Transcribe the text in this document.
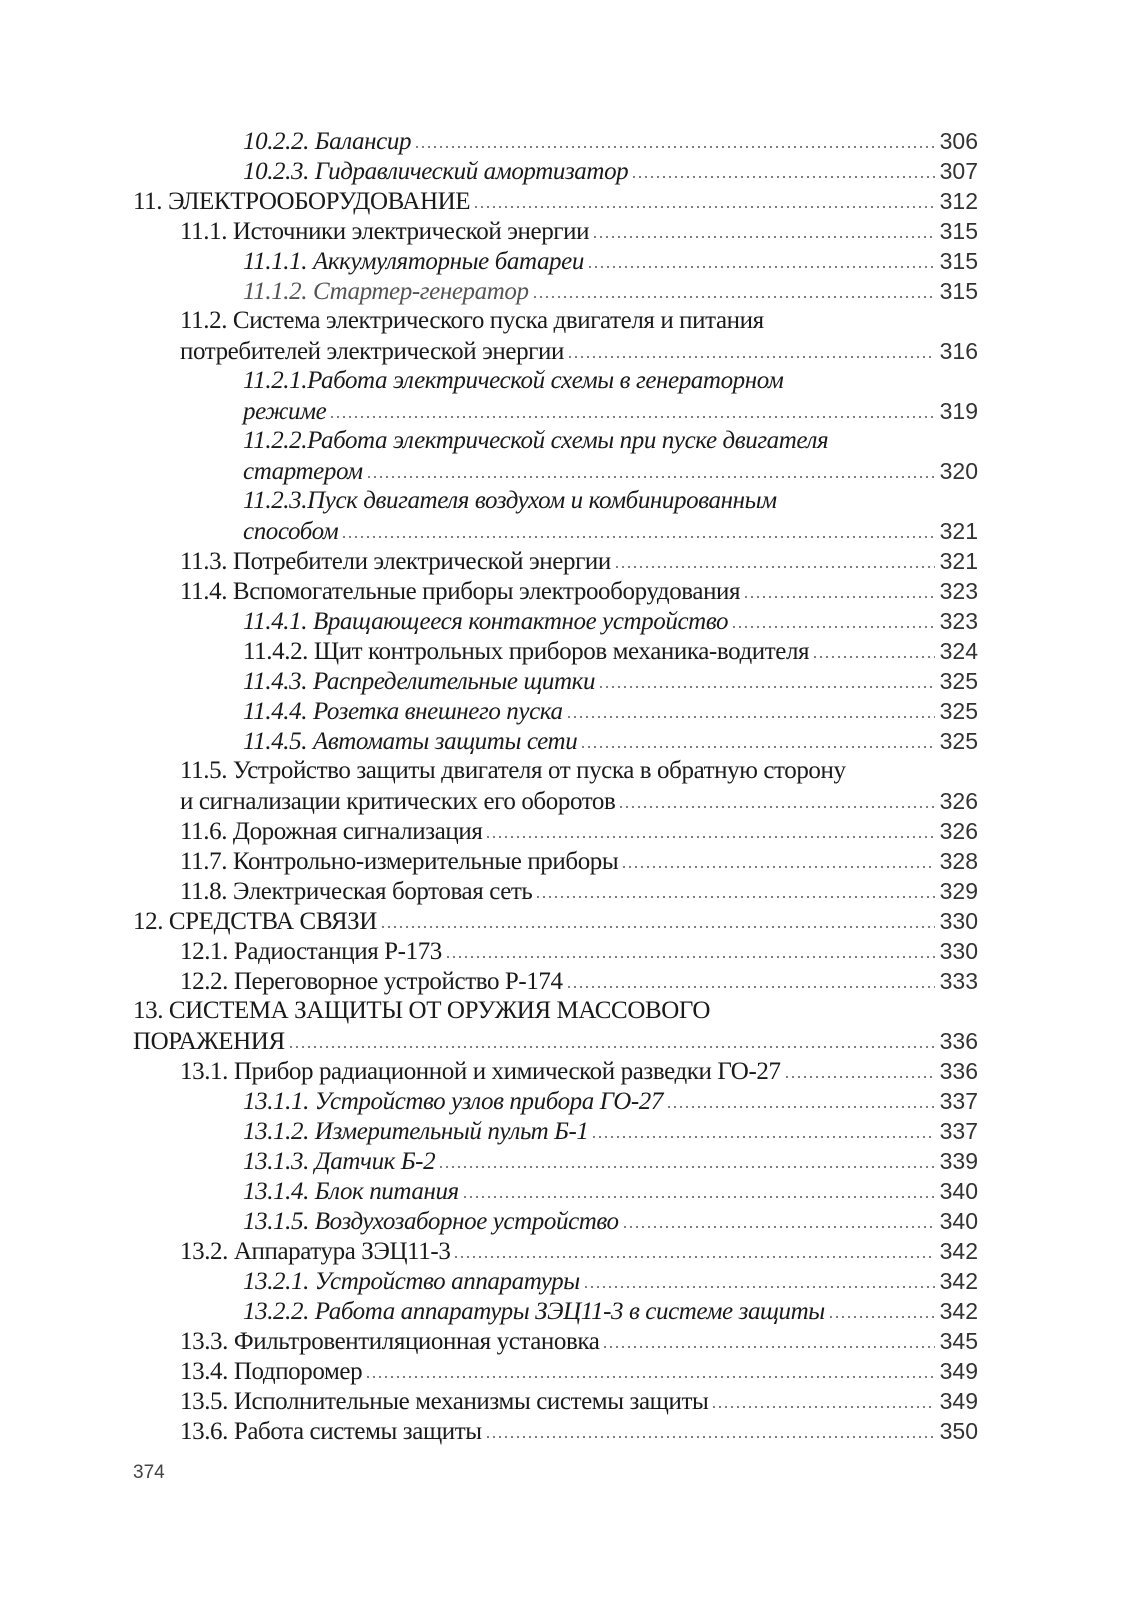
10.2.2. Балансир	306
10.2.3. Гидравлический амортизатор	307
11. ЭЛЕКТРООБОРУДОВАНИЕ	312
11.1. Источники электрической энергии	315
11.1.1. Аккумуляторные батареи	315
11.1.2. Стартер-генератор	315
11.2. Система электрического пуска двигателя и питания
потребителей электрической энергии	316
11.2.1.Работа электрической схемы в генераторном
режиме	319
11.2.2.Работа электрической схемы при пуске двигателя
стартером	320
11.2.3.Пуск двигателя воздухом и комбинированным
способом	321
11.3. Потребители электрической энергии	321
11.4. Вспомогательные приборы электрооборудования	323
11.4.1. Вращающееся контактное устройство	323
11.4.2. Щит контрольных приборов механика-водителя	324
11.4.3. Распределительные щитки	325
11.4.4. Розетка внешнего пуска	325
11.4.5. Автоматы защиты сети	325
11.5. Устройство защиты двигателя от пуска в обратную сторону
и сигнализации критических его оборотов	326
11.6. Дорожная сигнализация	326
11.7. Контрольно-измерительные приборы	328
11.8. Электрическая бортовая сеть	329
12. СРЕДСТВА СВЯЗИ	330
12.1. Радиостанция Р-173	330
12.2. Переговорное устройство Р-174	333
13. СИСТЕМА ЗАЩИТЫ ОТ ОРУЖИЯ МАССОВОГО
ПОРАЖЕНИЯ	336
13.1. Прибор радиационной и химической разведки ГО-27	336
13.1.1. Устройство узлов прибора ГО-27	337
13.1.2. Измерительный пульт Б-1	337
13.1.3. Датчик Б-2	339
13.1.4. Блок питания	340
13.1.5. Воздухозаборное устройство	340
13.2. Аппаратура ЗЭЦ11-3	342
13.2.1. Устройство аппаратуры	342
13.2.2. Работа аппаратуры ЗЭЦ11-3 в системе защиты	342
13.3. Фильтровентиляционная установка	345
13.4. Подпоромер	349
13.5. Исполнительные механизмы системы защиты	349
13.6. Работа системы защиты	350
374
